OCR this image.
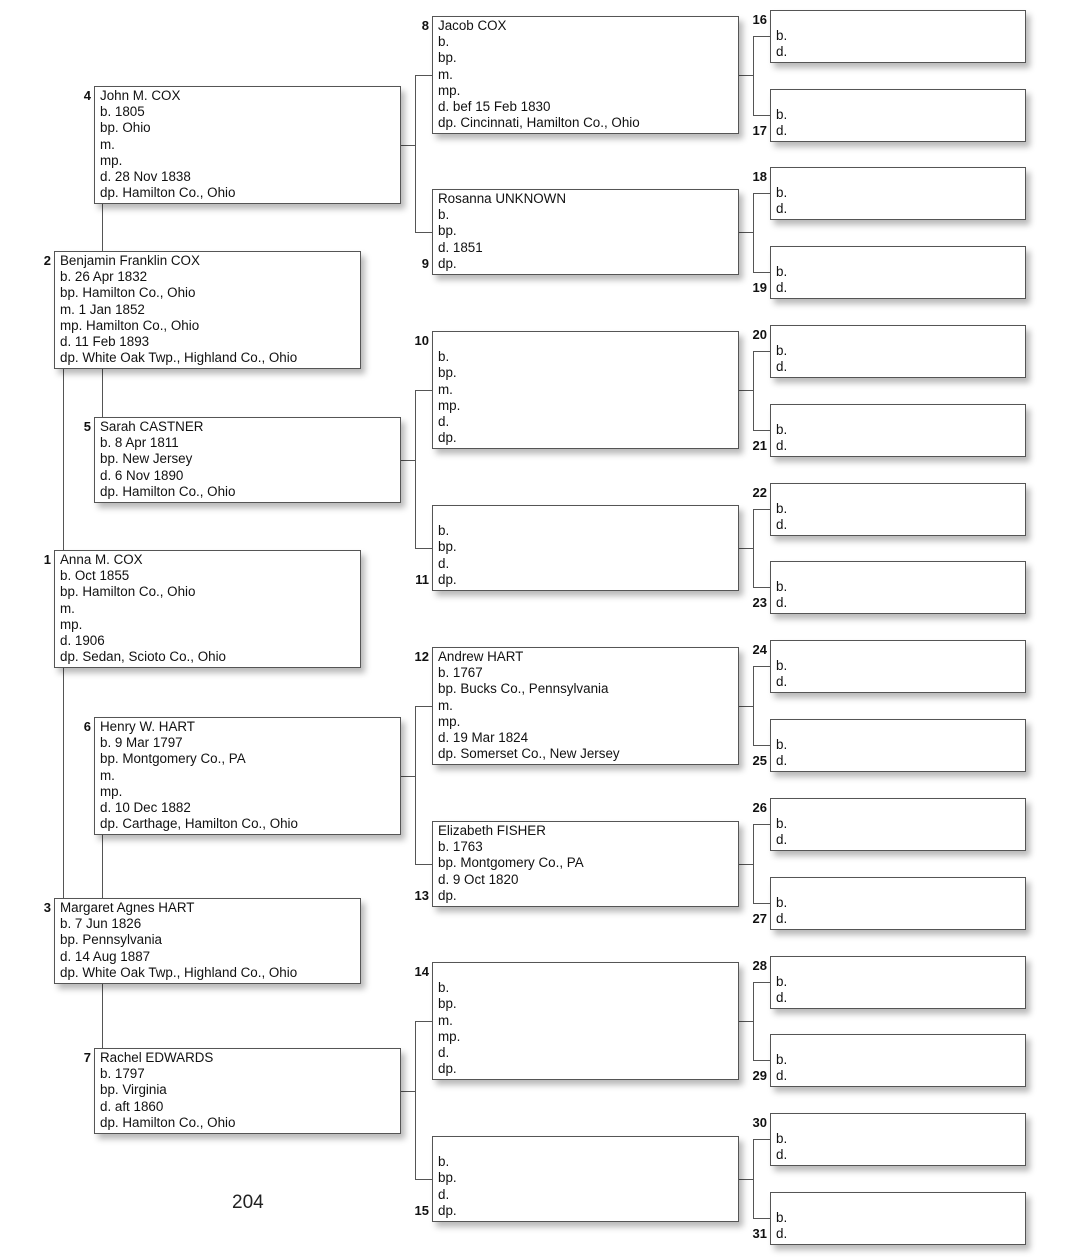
Anna M. COX
b. Oct 1855
bp. Hamilton Co., Ohio
m.
mp.
d. 1906
dp. Sedan, Scioto Co., Ohio
1
Benjamin Franklin COX
b. 26 Apr 1832
bp. Hamilton Co., Ohio
m. 1 Jan 1852
mp. Hamilton Co., Ohio
d. 11 Feb 1893
dp. White Oak Twp., Highland Co., Ohio
2
Margaret Agnes HART
b. 7 Jun 1826
bp. Pennsylvania
d. 14 Aug 1887
dp. White Oak Twp., Highland Co., Ohio
3
John M. COX
b. 1805
bp. Ohio
m.
mp.
d. 28 Nov 1838
dp. Hamilton Co., Ohio
4
Sarah CASTNER
b. 8 Apr 1811
bp. New Jersey
d. 6 Nov 1890
dp. Hamilton Co., Ohio
5
Henry W. HART
b. 9 Mar 1797
bp. Montgomery Co., PA
m.
mp.
d. 10 Dec 1882
dp. Carthage, Hamilton Co., Ohio
6
Rachel EDWARDS
b. 1797
bp. Virginia
d. aft 1860
dp. Hamilton Co., Ohio
7
Jacob COX
b.
bp.
m.
mp.
d. bef 15 Feb 1830
dp. Cincinnati, Hamilton Co., Ohio
8
Rosanna UNKNOWN
b.
bp.
d. 1851
dp.
9

b.
bp.
m.
mp.
d.
dp.
10

b.
bp.
d.
dp.
11
Andrew HART
b. 1767
bp. Bucks Co., Pennsylvania
m.
mp.
d. 19 Mar 1824
dp. Somerset Co., New Jersey
12
Elizabeth FISHER
b. 1763
bp. Montgomery Co., PA
d. 9 Oct 1820
dp.
13

b.
bp.
m.
mp.
d.
dp.
14

b.
bp.
d.
dp.
15

b.
d.
16

b.
d.
17

b.
d.
18

b.
d.
19

b.
d.
20

b.
d.
21

b.
d.
22

b.
d.
23

b.
d.
24

b.
d.
25

b.
d.
26

b.
d.
27

b.
d.
28

b.
d.
29

b.
d.
30

b.
d.
31
204
